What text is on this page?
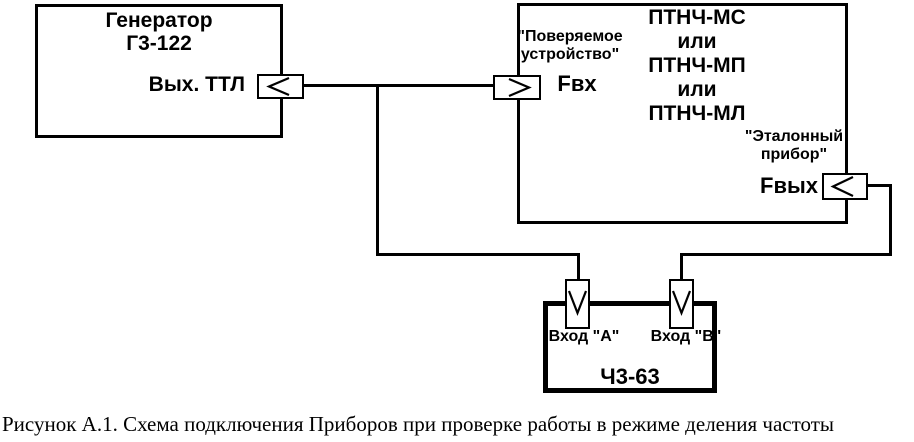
Генератор
Г3-122
Вых. ТТЛ
ПТНЧ-МС
или
ПТНЧ-МП
или
ПТНЧ-МЛ
"Поверяемое
устройство"
Fвх
"Эталонный
прибор"
Fвых
Вход "А" Вход "В"
Ч3-63
Рисунок А.1. Схема подключения Приборов при проверке работы в режиме деления частоты
